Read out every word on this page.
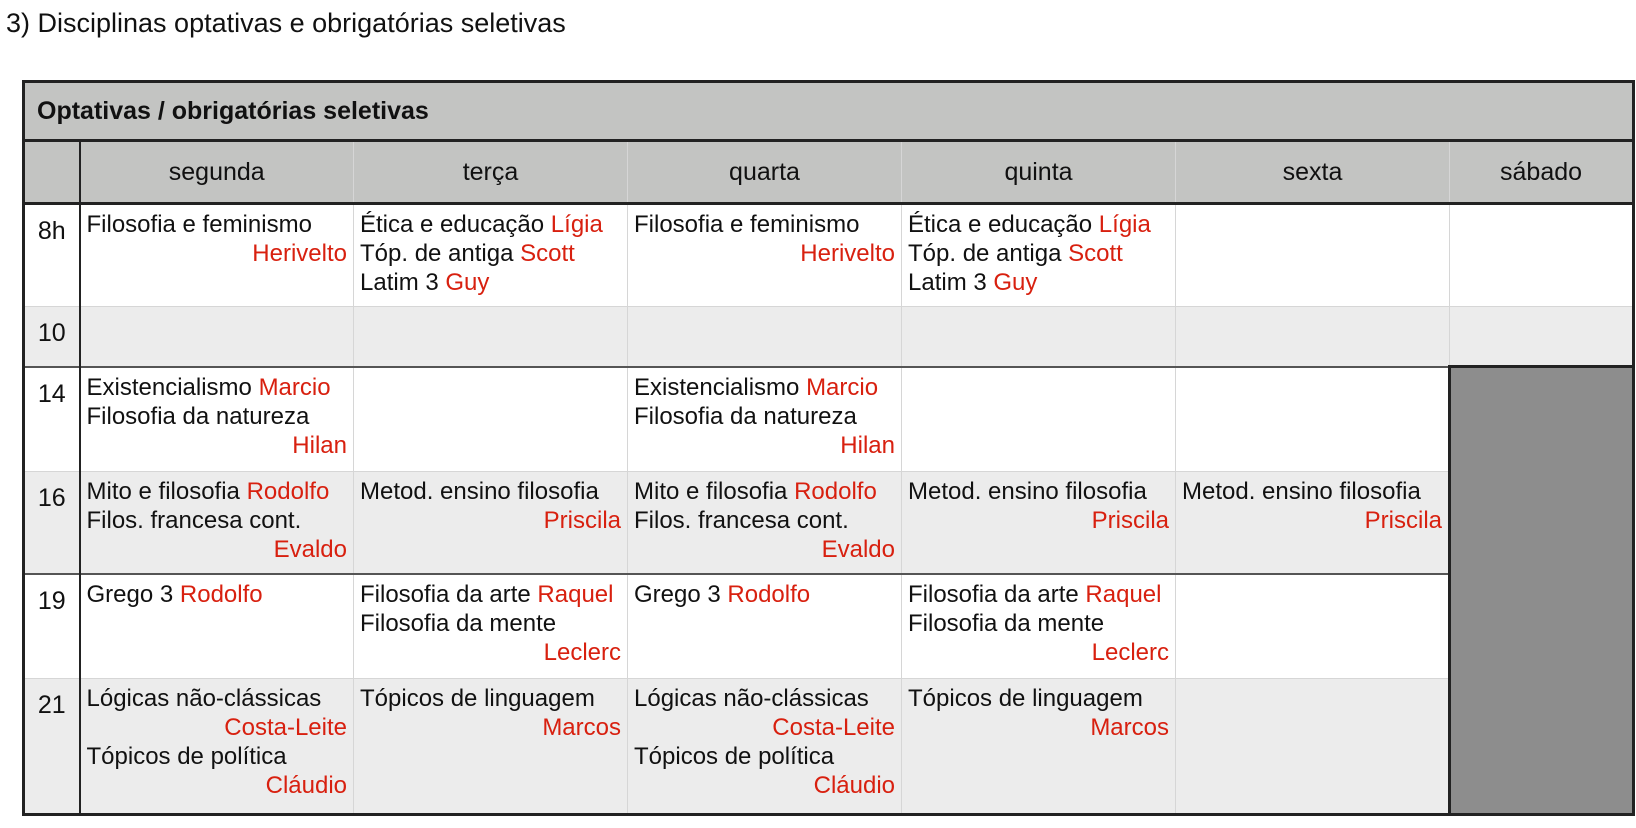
3) Disciplinas optativas e obrigatórias seletivas
Optativas / obrigatórias seletivas						
	segunda	terça	quarta	quinta	sexta	sábado
8h	Filosofia e feminismo
Herivelto	Ética e educação Lígia
Tóp. de antiga Scott
Latim 3 Guy	Filosofia e feminismo
Herivelto	Ética e educação Lígia
Tóp. de antiga Scott
Latim 3 Guy		

10						
14	Existencialismo Marcio
Filosofia da natureza
Hilan		Existencialismo Marcio
Filosofia da natureza
Hilan			

16	Mito e filosofia Rodolfo
Filos. francesa cont.
Evaldo	Metod. ensino filosofia
Priscila	Mito e filosofia Rodolfo
Filos. francesa cont.
Evaldo	Metod. ensino filosofia
Priscila	Metod. ensino filosofia
Priscila	

19	Grego 3 Rodolfo	Filosofia da arte Raquel
Filosofia da mente
Leclerc	Grego 3 Rodolfo	Filosofia da arte Raquel
Filosofia da mente
Leclerc		

21	Lógicas não-clássicas
Costa-Leite
Tópicos de política
Cláudio	Tópicos de linguagem
Marcos	Lógicas não-clássicas
Costa-Leite
Tópicos de política
Cláudio	Tópicos de linguagem
Marcos		
